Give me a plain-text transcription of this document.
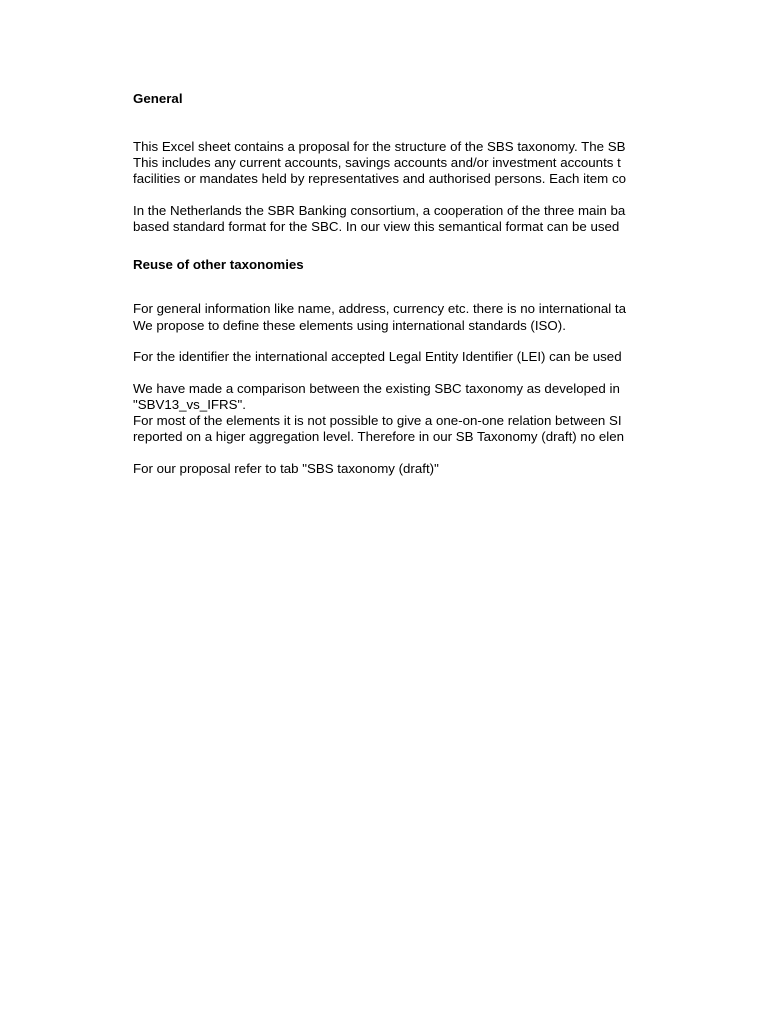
General
This Excel sheet contains a proposal for the structure of the SBS taxonomy. The SB
This includes any current accounts, savings accounts and/or investment accounts t
facilities or mandates held by representatives and authorised persons. Each item co
In the Netherlands the SBR Banking consortium, a cooperation of the three main ba
based standard format for the SBC. In our view this semantical format can be used
Reuse of other taxonomies
For general information like name, address, currency etc. there is no international ta
We propose to define these elements using international standards (ISO).
For the identifier the international accepted Legal Entity Identifier (LEI) can be used
We have made a comparison between the existing SBC taxonomy as developed in
"SBV13_vs_IFRS".
For most of the elements it is not possible to give a one-on-one relation between SI
reported on a higer aggregation level. Therefore in our SB Taxonomy (draft) no elen
For our proposal refer to tab "SBS taxonomy (draft)"
